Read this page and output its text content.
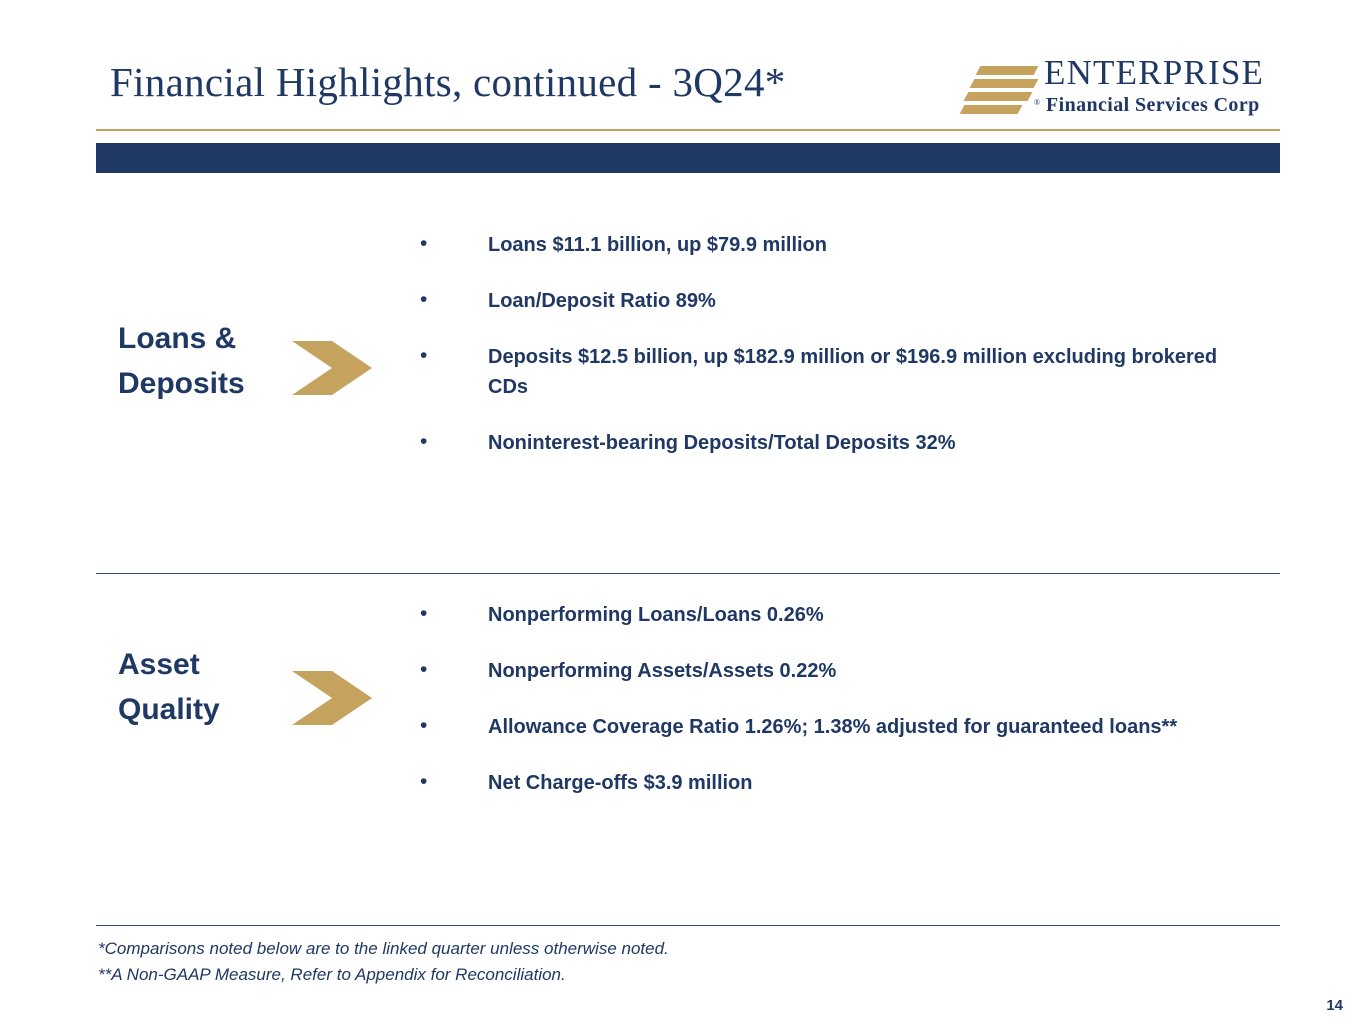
Financial Highlights, continued - 3Q24*	®
ENTERPRISE
Financial Services Corp
Loans &
Deposits
•	Loans $11.1 billion, up $79.9 million
•	Loan/Deposit Ratio 89%
•	Deposits $12.5 billion, up $182.9 million or $196.9 million excluding brokered CDs
•	Noninterest-bearing Deposits/Total Deposits 32%
Asset
Quality
•	Nonperforming Loans/Loans 0.26%
•	Nonperforming Assets/Assets 0.22%
•	Allowance Coverage Ratio 1.26%; 1.38% adjusted for guaranteed loans**
•	Net Charge-offs $3.9 million
*Comparisons noted below are to the linked quarter unless otherwise noted.
**A Non-GAAP Measure, Refer to Appendix for Reconciliation.
14
